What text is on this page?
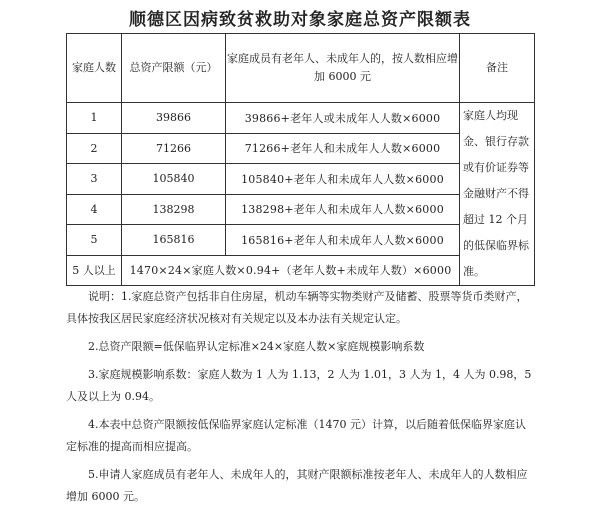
顺德区因病致贫救助对象家庭总资产限额表
家庭人数	总资产限额（元）	家庭成员有老年人、未成年人的，按人数相应增加 6000 元	备注
1	39866	39866+老年人或未成年人人数×6000	家庭人均现金、银行存款或有价证券等金融财产不得超过 12 个月的低保临界标准。
2	71266	71266+老年人和未成年人人数×6000	
3	105840	105840+老年人和未成年人人数×6000	
4	138298	138298+老年人和未成年人人数×6000	
5	165816	165816+老年人和未成年人人数×6000	
5 人以上	1470×24×家庭人数×0.94+（老年人数+未成年人数）×6000		

说明：1.家庭总资产包括非自住房屋，机动车辆等实物类财产及储蓄、股票等货币类财产，具体按我区居民家庭经济状况核对有关规定以及本办法有关规定认定。

2.总资产限额=低保临界认定标准×24×家庭人数×家庭规模影响系数

3.家庭规模影响系数：家庭人数为 1 人为 1.13，2 人为 1.01，3 人为 1，4 人为 0.98，5 人及以上为 0.94。

4.本表中总资产限额按低保临界家庭认定标准（1470 元）计算，以后随着低保临界家庭认定标准的提高而相应提高。

5.申请人家庭成员有老年人、未成年人的，其财产限额标准按老年人、未成年人的人数相应增加 6000 元。
